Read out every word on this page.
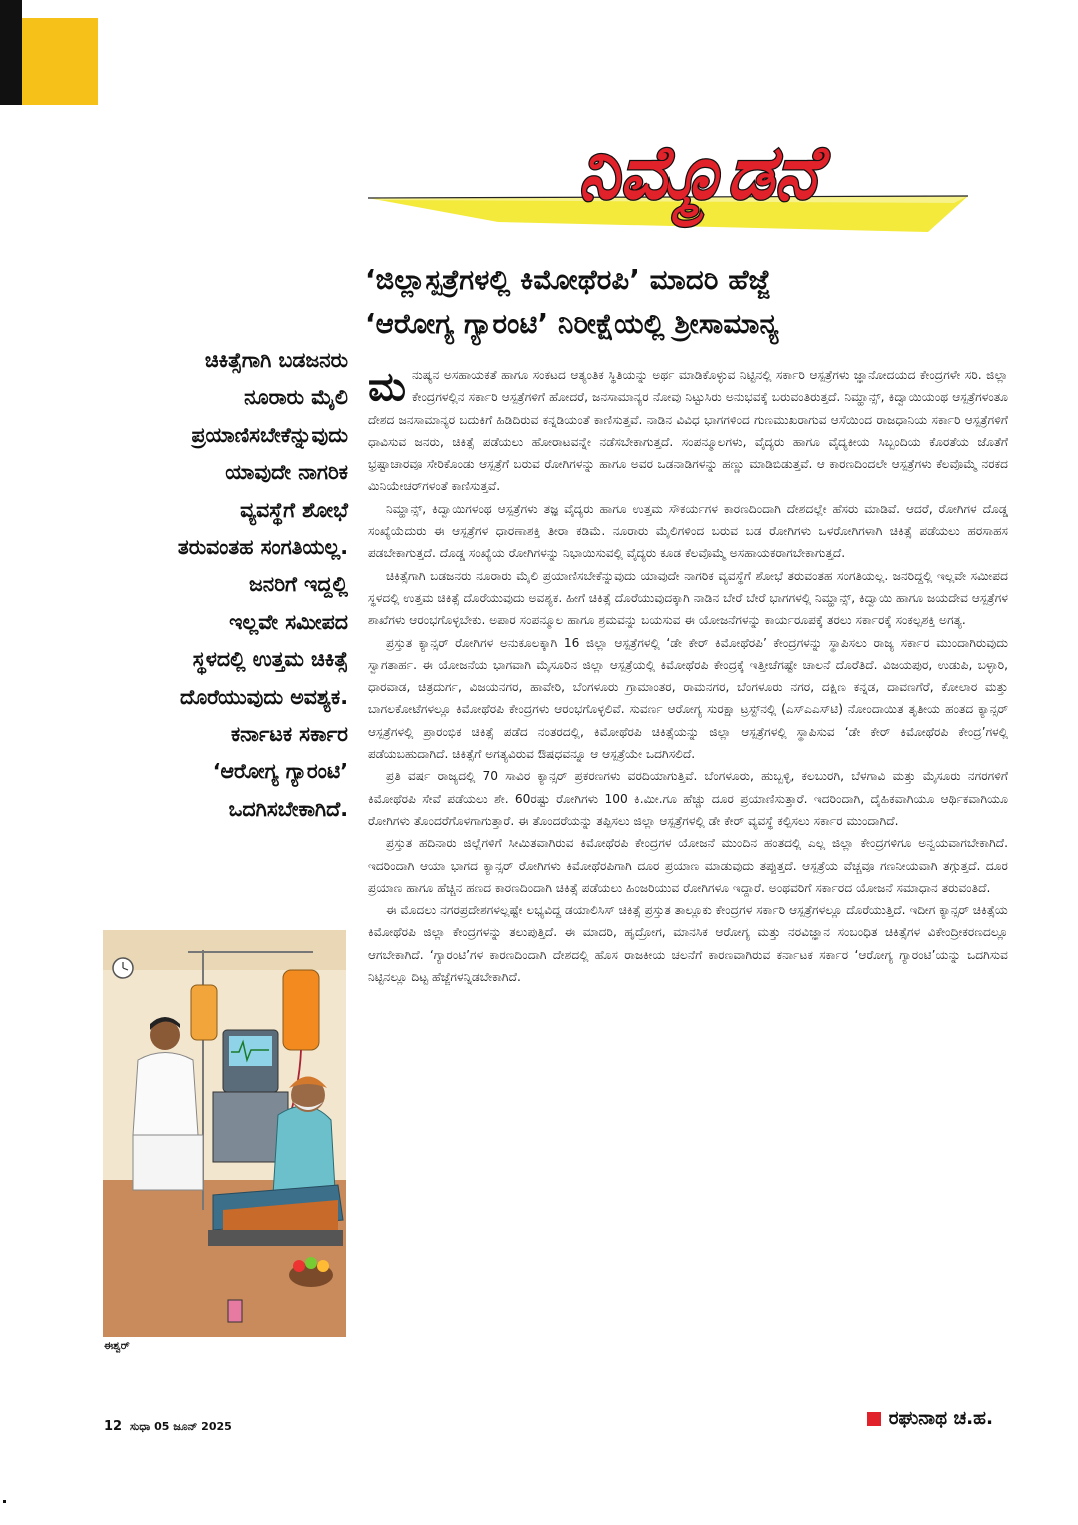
ನಿಮ್ಮೊಡನೆ
‘ಜಿಲ್ಲಾಸ್ಪತ್ರೆಗಳಲ್ಲಿ ಕಿಮೋಥೆರಪಿ’ ಮಾದರಿ ಹೆಜ್ಜೆ
‘ಆರೋಗ್ಯ ಗ್ಯಾರಂಟಿ’ ನಿರೀಕ್ಷೆಯಲ್ಲಿ ಶ್ರೀಸಾಮಾನ್ಯ
ಚಿಕಿತ್ಸೆಗಾಗಿ ಬಡಜನರು
ನೂರಾರು ಮೈಲಿ
ಪ್ರಯಾಣಿಸಬೇಕೆನ್ನುವುದು
ಯಾವುದೇ ನಾಗರಿಕ
ವ್ಯವಸ್ಥೆಗೆ ಶೋಭೆ
ತರುವಂತಹ ಸಂಗತಿಯಲ್ಲ.
ಜನರಿಗೆ ಇದ್ದಲ್ಲಿ
ಇಲ್ಲವೇ ಸಮೀಪದ
ಸ್ಥಳದಲ್ಲಿ ಉತ್ತಮ ಚಿಕಿತ್ಸೆ
ದೊರೆಯುವುದು ಅವಶ್ಯಕ.
ಕರ್ನಾಟಕ ಸರ್ಕಾರ
‘ಆರೋಗ್ಯ ಗ್ಯಾರಂಟಿ’
ಒದಗಿಸಬೇಕಾಗಿದೆ.
ಈಶ್ವರ್

ಮನುಷ್ಯನ ಅಸಹಾಯಕತೆ ಹಾಗೂ ಸಂಕಟದ ಆತ್ಯಂತಿಕ ಸ್ಥಿತಿಯನ್ನು ಅರ್ಥ ಮಾಡಿಕೊಳ್ಳುವ ನಿಟ್ಟಿನಲ್ಲಿ ಸರ್ಕಾರಿ ಆಸ್ಪತ್ರೆಗಳು ಜ್ಞಾನೋದಯದ ಕೇಂದ್ರಗಳೇ ಸರಿ. ಜಿಲ್ಲಾ ಕೇಂದ್ರಗಳಲ್ಲಿನ ಸರ್ಕಾರಿ ಆಸ್ಪತ್ರೆಗಳಿಗೆ ಹೋದರೆ, ಜನಸಾಮಾನ್ಯರ ನೋವು ನಿಟ್ಟುಸಿರು ಅನುಭವಕ್ಕೆ ಬರುವಂತಿರುತ್ತದೆ. ನಿಮ್ಹಾನ್ಸ್, ಕಿದ್ವಾಯಿಯಂಥ ಆಸ್ಪತ್ರೆಗಳಂತೂ ದೇಶದ ಜನಸಾಮಾನ್ಯರ ಬದುಕಿಗೆ ಹಿಡಿದಿರುವ ಕನ್ನಡಿಯಂತೆ ಕಾಣಿಸುತ್ತವೆ. ನಾಡಿನ ವಿವಿಧ ಭಾಗಗಳಿಂದ ಗುಣಮುಖರಾಗುವ ಆಸೆಯಿಂದ ರಾಜಧಾನಿಯ ಸರ್ಕಾರಿ ಆಸ್ಪತ್ರೆಗಳಿಗೆ ಧಾವಿಸುವ ಜನರು, ಚಿಕಿತ್ಸೆ ಪಡೆಯಲು ಹೋರಾಟವನ್ನೇ ನಡೆಸಬೇಕಾಗುತ್ತದೆ. ಸಂಪನ್ಮೂಲಗಳು, ವೈದ್ಯರು ಹಾಗೂ ವೈದ್ಯಕೀಯ ಸಿಬ್ಬಂದಿಯ ಕೊರತೆಯ ಜೊತೆಗೆ ಭ್ರಷ್ಟಾಚಾರವೂ ಸೇರಿಕೊಂಡು ಆಸ್ಪತ್ರೆಗೆ ಬರುವ ರೋಗಿಗಳನ್ನು ಹಾಗೂ ಅವರ ಒಡನಾಡಿಗಳನ್ನು ಹಣ್ಣು ಮಾಡಿಬಿಡುತ್ತವೆ. ಆ ಕಾರಣದಿಂದಲೇ ಆಸ್ಪತ್ರೆಗಳು ಕೆಲವೊಮ್ಮೆ ನರಕದ ಮಿನಿಯೇಚರ್‌ಗಳಂತೆ ಕಾಣಿಸುತ್ತವೆ.

ನಿಮ್ಹಾನ್ಸ್, ಕಿದ್ವಾಯಿಗಳಂಥ ಆಸ್ಪತ್ರೆಗಳು ತಜ್ಞ ವೈದ್ಯರು ಹಾಗೂ ಉತ್ತಮ ಸೌಕರ್ಯಗಳ ಕಾರಣದಿಂದಾಗಿ ದೇಶದಲ್ಲೇ ಹೆಸರು ಮಾಡಿವೆ. ಆದರೆ, ರೋಗಿಗಳ ದೊಡ್ಡ ಸಂಖ್ಯೆಯೆದುರು ಈ ಆಸ್ಪತ್ರೆಗಳ ಧಾರಣಾಶಕ್ತಿ ತೀರಾ ಕಡಿಮೆ. ನೂರಾರು ಮೈಲಿಗಳಿಂದ ಬರುವ ಬಡ ರೋಗಿಗಳು ಒಳರೋಗಿಗಳಾಗಿ ಚಿಕಿತ್ಸೆ ಪಡೆಯಲು ಹರಸಾಹಸ ಪಡಬೇಕಾಗುತ್ತದೆ. ದೊಡ್ಡ ಸಂಖ್ಯೆಯ ರೋಗಿಗಳನ್ನು ನಿಭಾಯಿಸುವಲ್ಲಿ ವೈದ್ಯರು ಕೂಡ ಕೆಲವೊಮ್ಮೆ ಅಸಹಾಯಕರಾಗಬೇಕಾಗುತ್ತದೆ.

ಚಿಕಿತ್ಸೆಗಾಗಿ ಬಡಜನರು ನೂರಾರು ಮೈಲಿ ಪ್ರಯಾಣಿಸಬೇಕೆನ್ನುವುದು ಯಾವುದೇ ನಾಗರಿಕ ವ್ಯವಸ್ಥೆಗೆ ಶೋಭೆ ತರುವಂತಹ ಸಂಗತಿಯಲ್ಲ. ಜನರಿದ್ದಲ್ಲಿ ಇಲ್ಲವೇ ಸಮೀಪದ ಸ್ಥಳದಲ್ಲಿ ಉತ್ತಮ ಚಿಕಿತ್ಸೆ ದೊರೆಯುವುದು ಅವಶ್ಯಕ. ಹೀಗೆ ಚಿಕಿತ್ಸೆ ದೊರೆಯುವುದಕ್ಕಾಗಿ ನಾಡಿನ ಬೇರೆ ಬೇರೆ ಭಾಗಗಳಲ್ಲಿ ನಿಮ್ಹಾನ್ಸ್, ಕಿದ್ವಾಯಿ ಹಾಗೂ ಜಯದೇವ ಆಸ್ಪತ್ರೆಗಳ ಶಾಖೆಗಳು ಆರಂಭಗೊಳ್ಳಬೇಕು. ಅಪಾರ ಸಂಪನ್ಮೂಲ ಹಾಗೂ ಶ್ರಮವನ್ನು ಬಯಸುವ ಈ ಯೋಜನೆಗಳನ್ನು ಕಾರ್ಯರೂಪಕ್ಕೆ ತರಲು ಸರ್ಕಾರಕ್ಕೆ ಸಂಕಲ್ಪಶಕ್ತಿ ಅಗತ್ಯ.

ಪ್ರಸ್ತುತ ಕ್ಯಾನ್ಸರ್ ರೋಗಿಗಳ ಅನುಕೂಲಕ್ಕಾಗಿ 16 ಜಿಲ್ಲಾ ಆಸ್ಪತ್ರೆಗಳಲ್ಲಿ ‘ಡೇ ಕೇರ್ ಕಿಮೋಥೆರಪಿ’ ಕೇಂದ್ರಗಳನ್ನು ಸ್ಥಾಪಿಸಲು ರಾಜ್ಯ ಸರ್ಕಾರ ಮುಂದಾಗಿರುವುದು ಸ್ವಾಗತಾರ್ಹ. ಈ ಯೋಜನೆಯ ಭಾಗವಾಗಿ ಮೈಸೂರಿನ ಜಿಲ್ಲಾ ಆಸ್ಪತ್ರೆಯಲ್ಲಿ ಕಿಮೋಥೆರಪಿ ಕೇಂದ್ರಕ್ಕೆ ಇತ್ತೀಚೆಗಷ್ಟೇ ಚಾಲನೆ ದೊರೆತಿದೆ. ವಿಜಯಪುರ, ಉಡುಪಿ, ಬಳ್ಳಾರಿ, ಧಾರವಾಡ, ಚಿತ್ರದುರ್ಗ, ವಿಜಯನಗರ, ಹಾವೇರಿ, ಬೆಂಗಳೂರು ಗ್ರಾಮಾಂತರ, ರಾಮನಗರ, ಬೆಂಗಳೂರು ನಗರ, ದಕ್ಷಿಣ ಕನ್ನಡ, ದಾವಣಗೆರೆ, ಕೋಲಾರ ಮತ್ತು ಬಾಗಲಕೋಟೆಗಳಲ್ಲೂ ಕಿಮೋಥೆರಪಿ ಕೇಂದ್ರಗಳು ಆರಂಭಗೊಳ್ಳಲಿವೆ. ಸುವರ್ಣ ಆರೋಗ್ಯ ಸುರಕ್ಷಾ ಟ್ರಸ್ಟ್‌ನಲ್ಲಿ (ಎಸ್‌ಎಎಸ್‌ಟಿ) ನೋಂದಾಯಿತ ತೃತೀಯ ಹಂತದ ಕ್ಯಾನ್ಸರ್ ಆಸ್ಪತ್ರೆಗಳಲ್ಲಿ ಪ್ರಾರಂಭಿಕ ಚಿಕಿತ್ಸೆ ಪಡೆದ ನಂತರದಲ್ಲಿ, ಕಿಮೋಥೆರಪಿ ಚಿಕಿತ್ಸೆಯನ್ನು ಜಿಲ್ಲಾ ಆಸ್ಪತ್ರೆಗಳಲ್ಲಿ ಸ್ಥಾಪಿಸುವ ‘ಡೇ ಕೇರ್ ಕಿಮೋಥೆರಪಿ ಕೇಂದ್ರ’ಗಳಲ್ಲಿ ಪಡೆಯಬಹುದಾಗಿದೆ. ಚಿಕಿತ್ಸೆಗೆ ಅಗತ್ಯವಿರುವ ಔಷಧವನ್ನೂ ಆ ಆಸ್ಪತ್ರೆಯೇ ಒದಗಿಸಲಿದೆ.

ಪ್ರತಿ ವರ್ಷ ರಾಜ್ಯದಲ್ಲಿ 70 ಸಾವಿರ ಕ್ಯಾನ್ಸರ್ ಪ್ರಕರಣಗಳು ವರದಿಯಾಗುತ್ತಿವೆ. ಬೆಂಗಳೂರು, ಹುಬ್ಬಳ್ಳಿ, ಕಲಬುರಗಿ, ಬೆಳಗಾವಿ ಮತ್ತು ಮೈಸೂರು ನಗರಗಳಿಗೆ ಕಿಮೋಥೆರಪಿ ಸೇವೆ ಪಡೆಯಲು ಶೇ. 60ರಷ್ಟು ರೋಗಿಗಳು 100 ಕಿ.ಮೀ.ಗೂ ಹೆಚ್ಚು ದೂರ ಪ್ರಯಾಣಿಸುತ್ತಾರೆ. ಇದರಿಂದಾಗಿ, ದೈಹಿಕವಾಗಿಯೂ ಆರ್ಥಿಕವಾಗಿಯೂ ರೋಗಿಗಳು ತೊಂದರೆಗೊಳಗಾಗುತ್ತಾರೆ. ಈ ತೊಂದರೆಯನ್ನು ತಪ್ಪಿಸಲು ಜಿಲ್ಲಾ ಆಸ್ಪತ್ರೆಗಳಲ್ಲಿ ಡೇ ಕೇರ್ ವ್ಯವಸ್ಥೆ ಕಲ್ಪಿಸಲು ಸರ್ಕಾರ ಮುಂದಾಗಿದೆ.

ಪ್ರಸ್ತುತ ಹದಿನಾರು ಜಿಲ್ಲೆಗಳಿಗೆ ಸೀಮಿತವಾಗಿರುವ ಕಿಮೋಥೆರಪಿ ಕೇಂದ್ರಗಳ ಯೋಜನೆ ಮುಂದಿನ ಹಂತದಲ್ಲಿ ಎಲ್ಲ ಜಿಲ್ಲಾ ಕೇಂದ್ರಗಳಿಗೂ ಅನ್ವಯವಾಗಬೇಕಾಗಿದೆ. ಇದರಿಂದಾಗಿ ಆಯಾ ಭಾಗದ ಕ್ಯಾನ್ಸರ್ ರೋಗಿಗಳು ಕಿಮೋಥೆರಪಿಗಾಗಿ ದೂರ ಪ್ರಯಾಣ ಮಾಡುವುದು ತಪ್ಪುತ್ತದೆ. ಆಸ್ಪತ್ರೆಯ ವೆಚ್ಚವೂ ಗಣನೀಯವಾಗಿ ತಗ್ಗುತ್ತದೆ. ದೂರ ಪ್ರಯಾಣ ಹಾಗೂ ಹೆಚ್ಚಿನ ಹಣದ ಕಾರಣದಿಂದಾಗಿ ಚಿಕಿತ್ಸೆ ಪಡೆಯಲು ಹಿಂಜರಿಯುವ ರೋಗಿಗಳೂ ಇದ್ದಾರೆ. ಅಂಥವರಿಗೆ ಸರ್ಕಾರದ ಯೋಜನೆ ಸಮಾಧಾನ ತರುವಂತಿದೆ.

ಈ ಮೊದಲು ನಗರಪ್ರದೇಶಗಳಲ್ಲಷ್ಟೇ ಲಭ್ಯವಿದ್ದ ಡಯಾಲಿಸಿಸ್ ಚಿಕಿತ್ಸೆ ಪ್ರಸ್ತುತ ತಾಲ್ಲೂಕು ಕೇಂದ್ರಗಳ ಸರ್ಕಾರಿ ಆಸ್ಪತ್ರೆಗಳಲ್ಲೂ ದೊರೆಯುತ್ತಿದೆ. ಇದೀಗ ಕ್ಯಾನ್ಸರ್ ಚಿಕಿತ್ಸೆಯ ಕಿಮೋಥೆರಪಿ ಜಿಲ್ಲಾ ಕೇಂದ್ರಗಳನ್ನು ತಲುಪುತ್ತಿದೆ. ಈ ಮಾದರಿ, ಹೃದ್ರೋಗ, ಮಾನಸಿಕ ಆರೋಗ್ಯ ಮತ್ತು ನರವಿಜ್ಞಾನ ಸಂಬಂಧಿತ ಚಿಕಿತ್ಸೆಗಳ ವಿಕೇಂದ್ರೀಕರಣದಲ್ಲೂ ಆಗಬೇಕಾಗಿದೆ. ‘ಗ್ಯಾರಂಟಿ’ಗಳ ಕಾರಣದಿಂದಾಗಿ ದೇಶದಲ್ಲಿ ಹೊಸ ರಾಜಕೀಯ ಚಲನೆಗೆ ಕಾರಣವಾಗಿರುವ ಕರ್ನಾಟಕ ಸರ್ಕಾರ ‘ಆರೋಗ್ಯ ಗ್ಯಾರಂಟಿ’ಯನ್ನು ಒದಗಿಸುವ ನಿಟ್ಟಿನಲ್ಲೂ ದಿಟ್ಟ ಹೆಜ್ಜೆಗಳನ್ನಿಡಬೇಕಾಗಿದೆ.

ರಘುನಾಥ ಚ.ಹ.
12 ಸುಧಾ 05 ಜೂನ್ 2025
